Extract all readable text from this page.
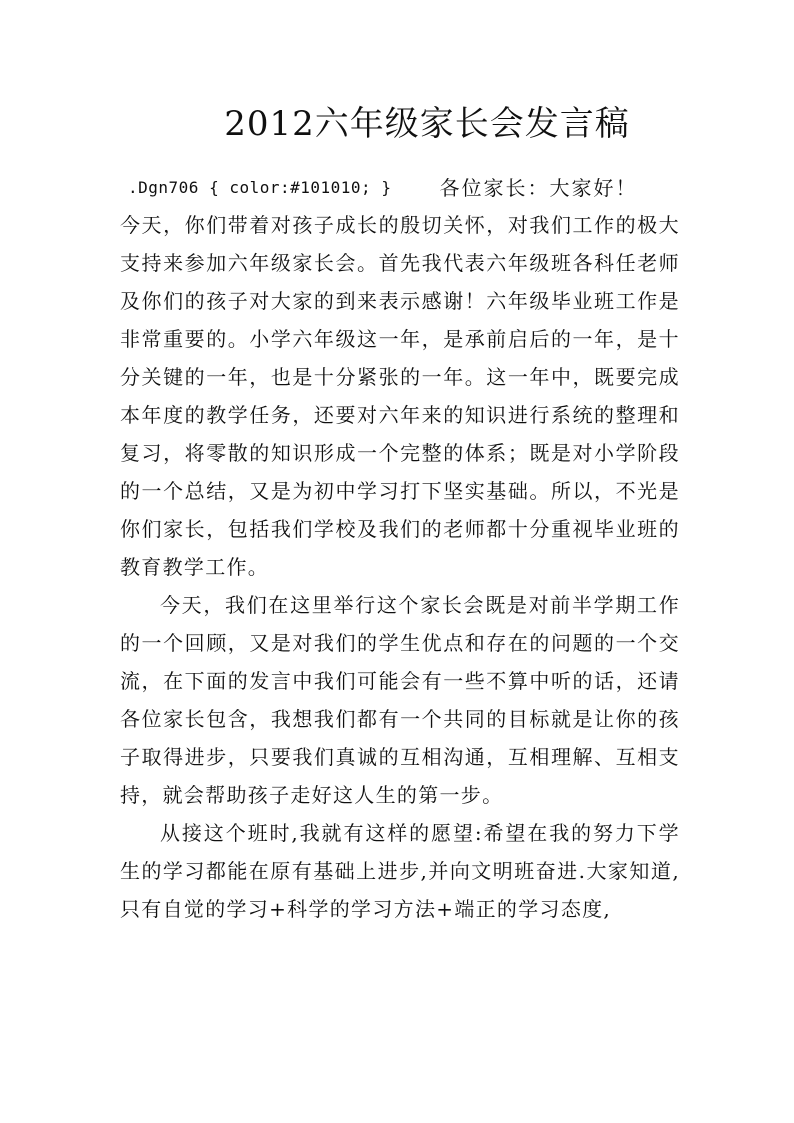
2012六年级家长会发言稿
.Dgn706 { color:#101010; } 各位家长：大家好！

今天，你们带着对孩子成长的殷切关怀，对我们工作的极大支持来参加六年级家长会。首先我代表六年级班各科任老师及你们的孩子对大家的到来表示感谢！六年级毕业班工作是非常重要的。小学六年级这一年，是承前启后的一年，是十分关键的一年，也是十分紧张的一年。这一年中，既要完成本年度的教学任务，还要对六年来的知识进行系统的整理和复习，将零散的知识形成一个完整的体系；既是对小学阶段的一个总结，又是为初中学习打下坚实基础。所以，不光是你们家长，包括我们学校及我们的老师都十分重视毕业班的教育教学工作。

今天，我们在这里举行这个家长会既是对前半学期工作的一个回顾，又是对我们的学生优点和存在的问题的一个交流，在下面的发言中我们可能会有一些不算中听的话，还请各位家长包含，我想我们都有一个共同的目标就是让你的孩子取得进步，只要我们真诚的互相沟通，互相理解、互相支持，就会帮助孩子走好这人生的第一步。

从接这个班时,我就有这样的愿望:希望在我的努力下学生的学习都能在原有基础上进步,并向文明班奋进.大家知道,只有自觉的学习+科学的学习方法+端正的学习态度,
